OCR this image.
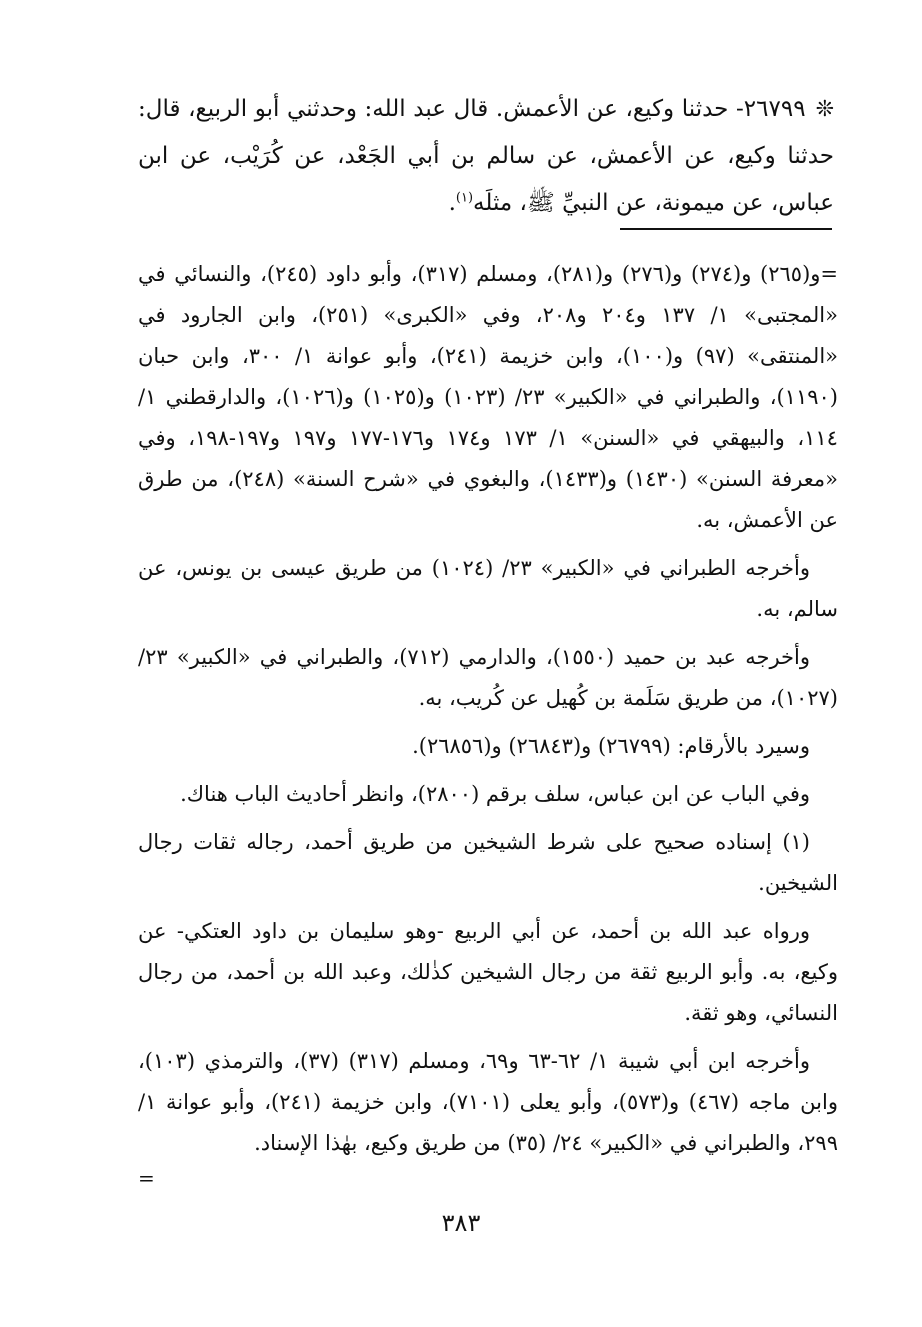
❊٢٦٧٩٩- حدثنا وكيع، عن الأعمش. قال عبد الله: وحدثني أبو الربيع، قال: حدثنا وكيع، عن الأعمش، عن سالم بن أبي الجَعْد، عن كُرَيْب، عن ابن عباس، عن ميمونة، عن النبيِّ ﷺ، مثلَه$^{(١)}$.

=و(٢٦٥) و(٢٧٤) و(٢٧٦) و(٢٨١)، ومسلم (٣١٧)، وأبو داود (٢٤٥)، والنسائي في «المجتبى» ١/ ١٣٧ و٢٠٤ و٢٠٨، وفي «الكبرى» (٢٥١)، وابن الجارود في «المنتقى» (٩٧) و(١٠٠)، وابن خزيمة (٢٤١)، وأبو عوانة ١/ ٣٠٠، وابن حبان (١١٩٠)، والطبراني في «الكبير» ٢٣/ (١٠٢٣) و(١٠٢٥) و(١٠٢٦)، والدارقطني ١/ ١١٤، والبيهقي في «السنن» ١/ ١٧٣ و١٧٤ و١٧٦-١٧٧ و١٩٧ و١٩٧-١٩٨، وفي «معرفة السنن» (١٤٣٠) و(١٤٣٣)، والبغوي في «شرح السنة» (٢٤٨)، من طرق عن الأعمش، به.

وأخرجه الطبراني في «الكبير» ٢٣/ (١٠٢٤) من طريق عيسى بن يونس، عن سالم، به.

وأخرجه عبد بن حميد (١٥٥٠)، والدارمي (٧١٢)، والطبراني في «الكبير» ٢٣/ (١٠٢٧)، من طريق سَلَمة بن كُهيل عن كُريب، به.

وسيرد بالأرقام: (٢٦٧٩٩) و(٢٦٨٤٣) و(٢٦٨٥٦).

وفي الباب عن ابن عباس، سلف برقم (٢٨٠٠)، وانظر أحاديث الباب هناك.

(١) إسناده صحيح على شرط الشيخين من طريق أحمد، رجاله ثقات رجال الشيخين.

ورواه عبد الله بن أحمد، عن أبي الربيع -وهو سليمان بن داود العتكي- عن وكيع، به. وأبو الربيع ثقة من رجال الشيخين كذٰلك، وعبد الله بن أحمد، من رجال النسائي، وهو ثقة.

وأخرجه ابن أبي شيبة ١/ ٦٢-٦٣ و٦٩، ومسلم (٣١٧) (٣٧)، والترمذي (١٠٣)، وابن ماجه (٤٦٧) و(٥٧٣)، وأبو يعلى (٧١٠١)، وابن خزيمة (٢٤١)، وأبو عوانة ١/ ٢٩٩، والطبراني في «الكبير» ٢٤/ (٣٥) من طريق وكيع، بهٰذا الإسناد.

=
٣٨٣
